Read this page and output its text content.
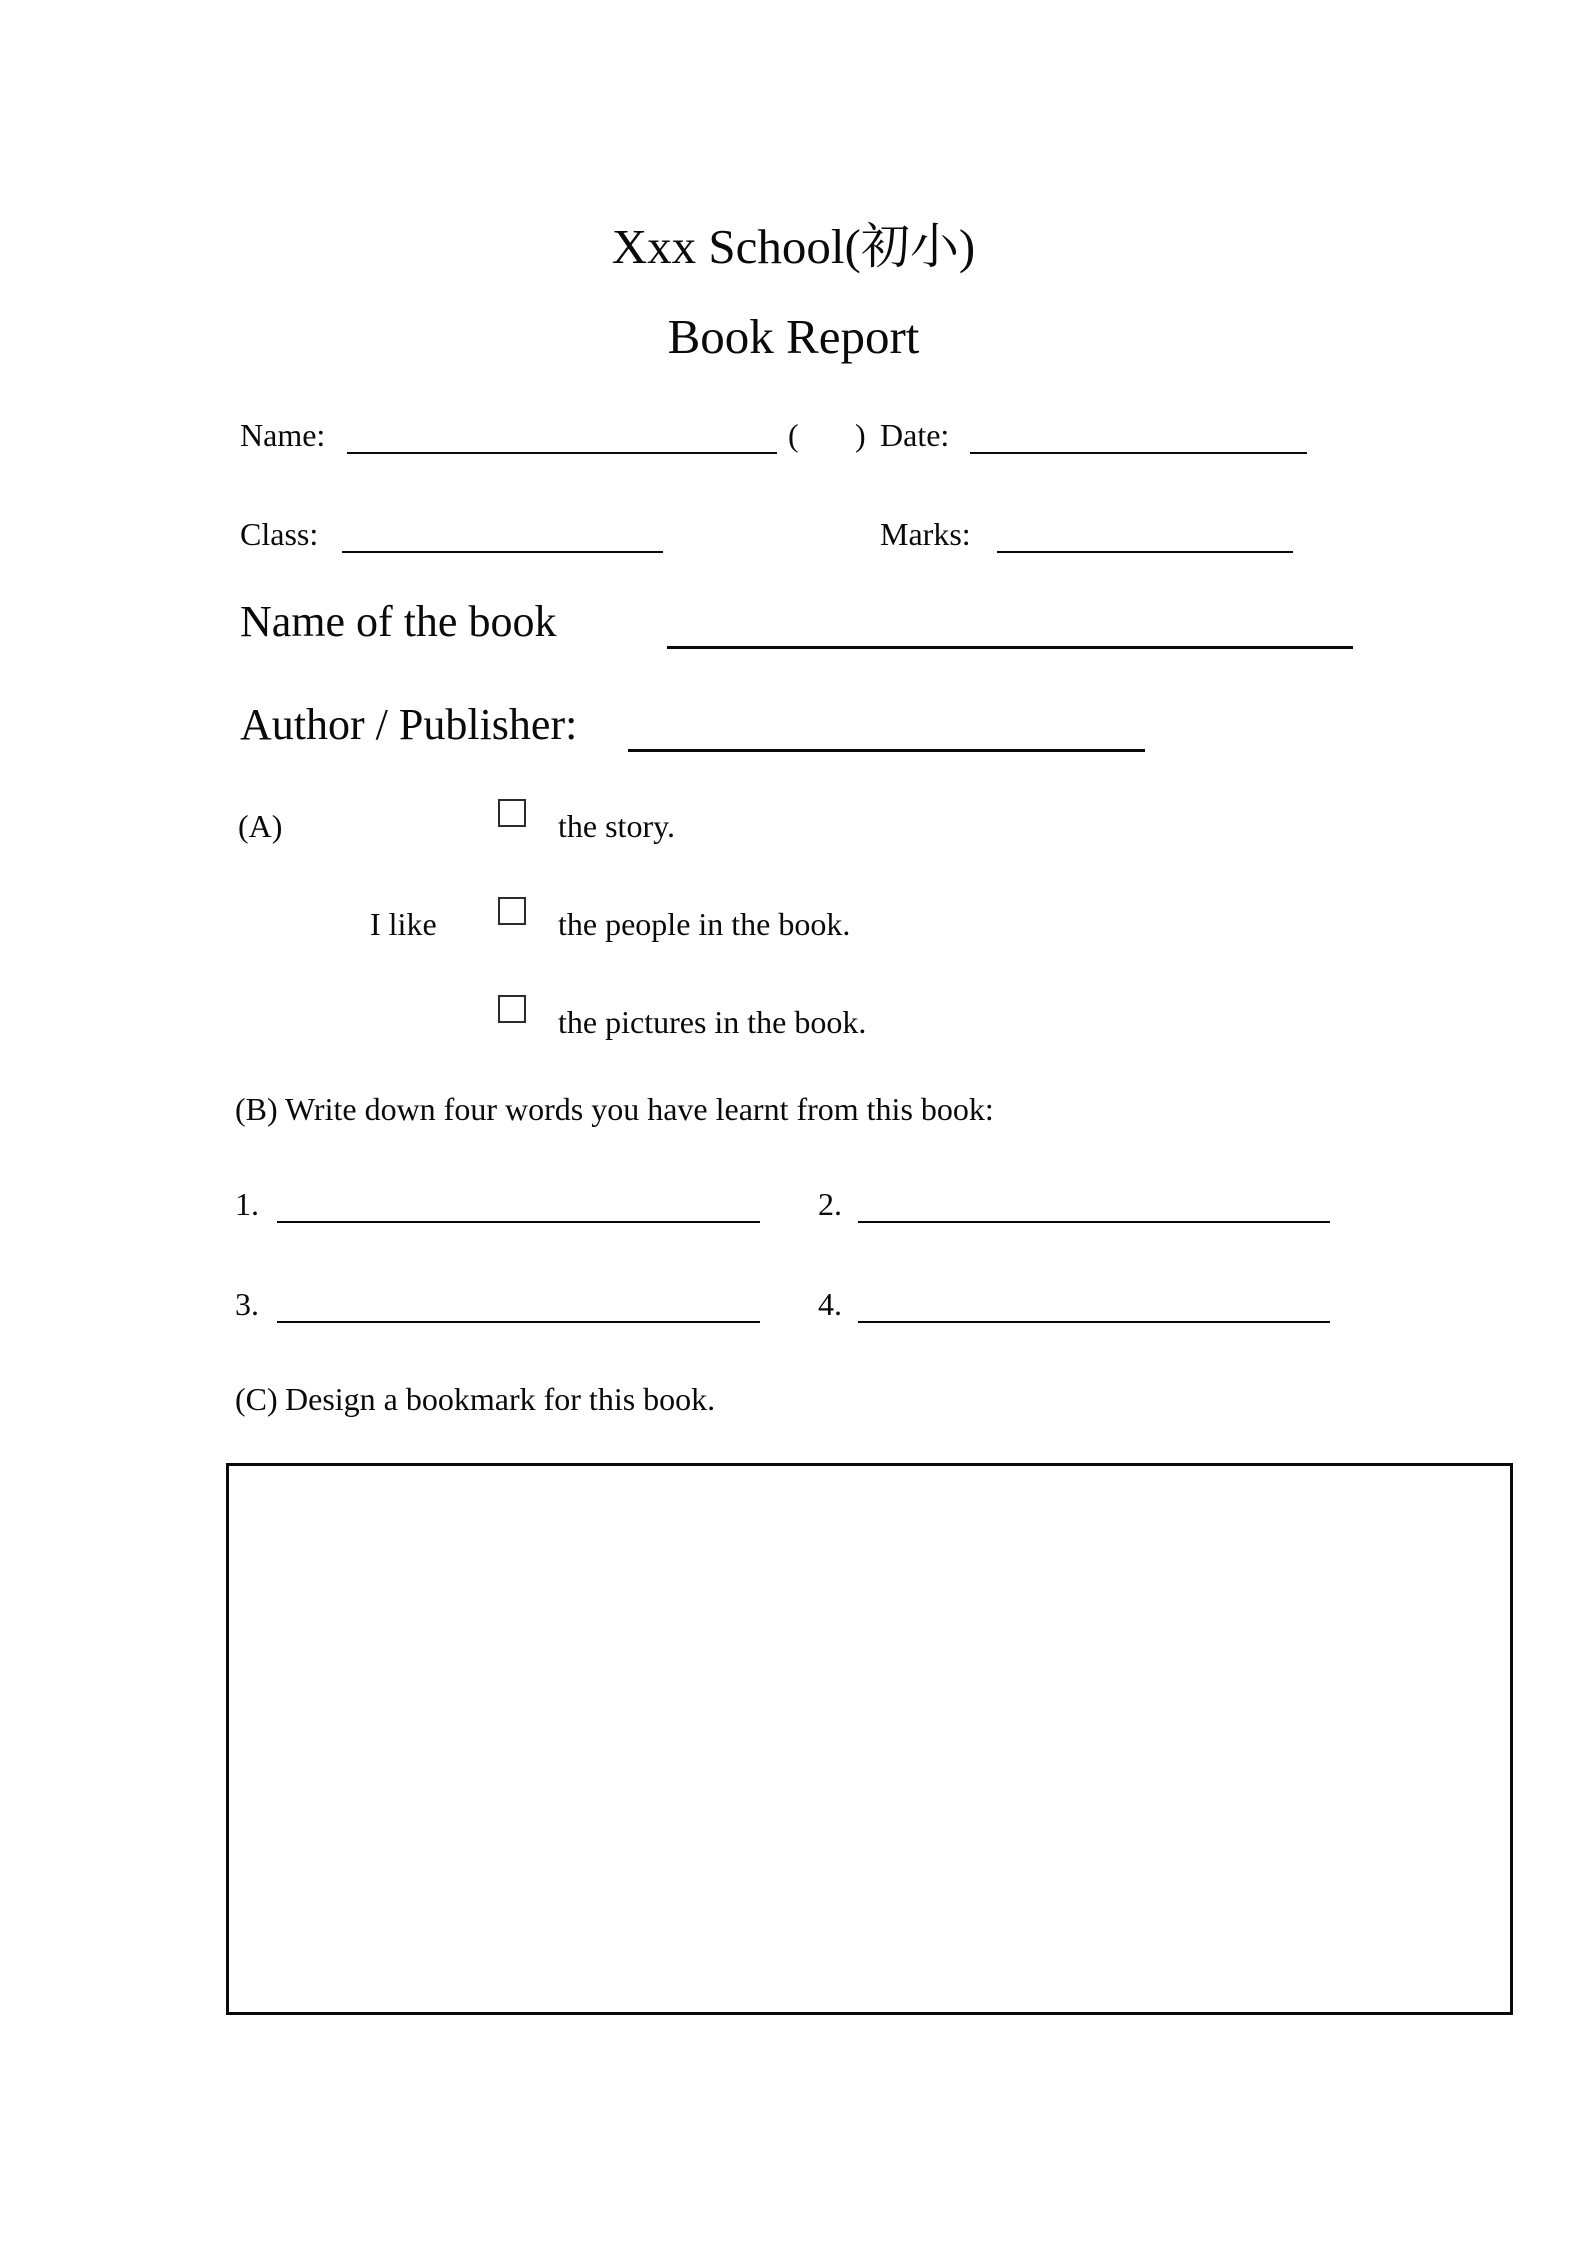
Xxx School(初小)
Book Report
Name:	( ) Date:
Class:	Marks:
Name of the book
Author / Publisher:
(A)	the story.
I like	the people in the book.
the pictures in the book.
(B) Write down four words you have learnt from this book:
1.	2.
3.	4.
(C) Design a bookmark for this book.
